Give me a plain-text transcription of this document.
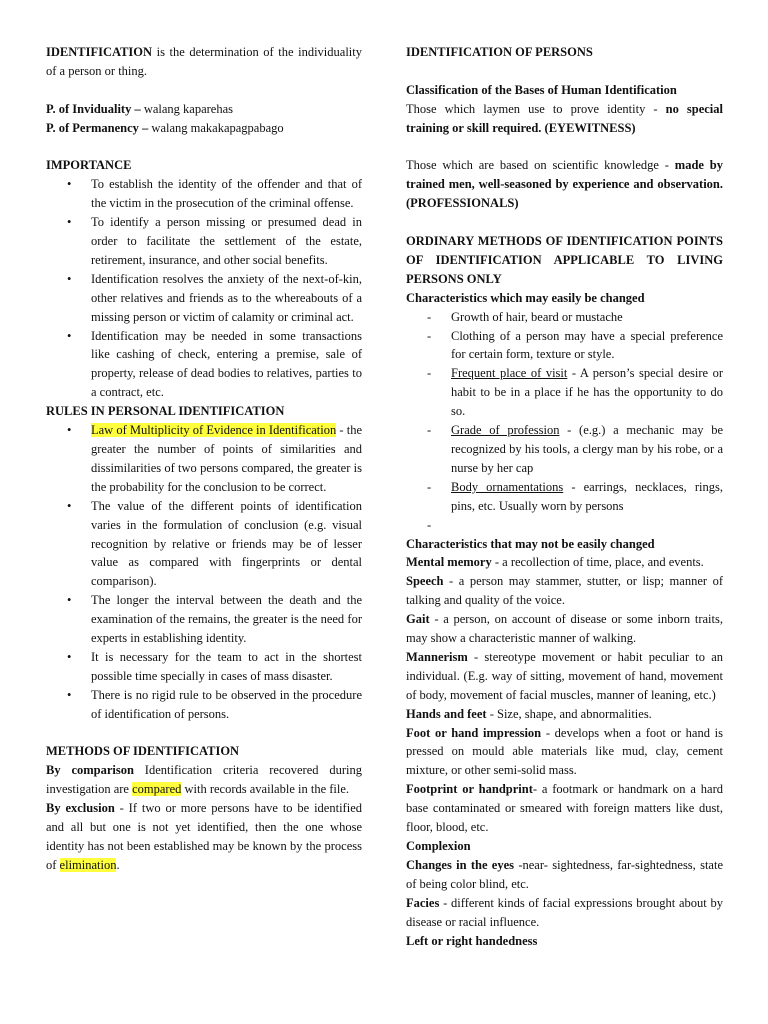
IDENTIFICATION is the determination of the individuality of a person or thing.

P. of Inviduality – walang kaparehas

P. of Permanency – walang makakapagpabago

IMPORTANCE

• To establish the identity of the offender and that of the victim in the prosecution of the criminal offense.
• To identify a person missing or presumed dead in order to facilitate the settlement of the estate, retirement, insurance, and other social benefits.
• Identification resolves the anxiety of the next-of-kin, other relatives and friends as to the whereabouts of a missing person or victim of calamity or criminal act.
• Identification may be needed in some transactions like cashing of check, entering a premise, sale of property, release of dead bodies to relatives, parties to a contract, etc.

RULES IN PERSONAL IDENTIFICATION

• Law of Multiplicity of Evidence in Identification - the greater the number of points of similarities and dissimilarities of two persons compared, the greater is the probability for the conclusion to be correct.
• The value of the different points of identification varies in the formulation of conclusion (e.g. visual recognition by relative or friends may be of lesser value as compared with fingerprints or dental comparison).
• The longer the interval between the death and the examination of the remains, the greater is the need for experts in establishing identity.
• It is necessary for the team to act in the shortest possible time specially in cases of mass disaster.
• There is no rigid rule to be observed in the procedure of identification of persons.

METHODS OF IDENTIFICATION

By comparison Identification criteria recovered during investigation are compared with records available in the file.

By exclusion - If two or more persons have to be identified and all but one is not yet identified, then the one whose identity has not been established may be known by the process of elimination.

IDENTIFICATION OF PERSONS

Classification of the Bases of Human Identification

Those which laymen use to prove identity - no special training or skill required. (EYEWITNESS)

Those which are based on scientific knowledge - made by trained men, well-seasoned by experience and observation. (PROFESSIONALS)

ORDINARY METHODS OF IDENTIFICATION POINTS OF IDENTIFICATION APPLICABLE TO LIVING PERSONS ONLY

Characteristics which may easily be changed

- Growth of hair, beard or mustache
- Clothing of a person may have a special preference for certain form, texture or style.
- Frequent place of visit - A person’s special desire or habit to be in a place if he has the opportunity to do so.
- Grade of profession - (e.g.) a mechanic may be recognized by his tools, a clergy man by his robe, or a nurse by her cap
- Body ornamentations - earrings, necklaces, rings, pins, etc. Usually worn by persons
-

Characteristics that may not be easily changed

Mental memory - a recollection of time, place, and events.

Speech - a person may stammer, stutter, or lisp; manner of talking and quality of the voice.

Gait - a person, on account of disease or some inborn traits, may show a characteristic manner of walking.

Mannerism - stereotype movement or habit peculiar to an individual. (E.g. way of sitting, movement of hand, movement of body, movement of facial muscles, manner of leaning, etc.)

Hands and feet - Size, shape, and abnormalities.

Foot or hand impression - develops when a foot or hand is pressed on mould able materials like mud, clay, cement mixture, or other semi-solid mass.

Footprint or handprint- a footmark or handmark on a hard base contaminated or smeared with foreign matters like dust, floor, blood, etc.

Complexion

Changes in the eyes -near- sightedness, far-sightedness, state of being color blind, etc.

Facies - different kinds of facial expressions brought about by disease or racial influence.

Left or right handedness
